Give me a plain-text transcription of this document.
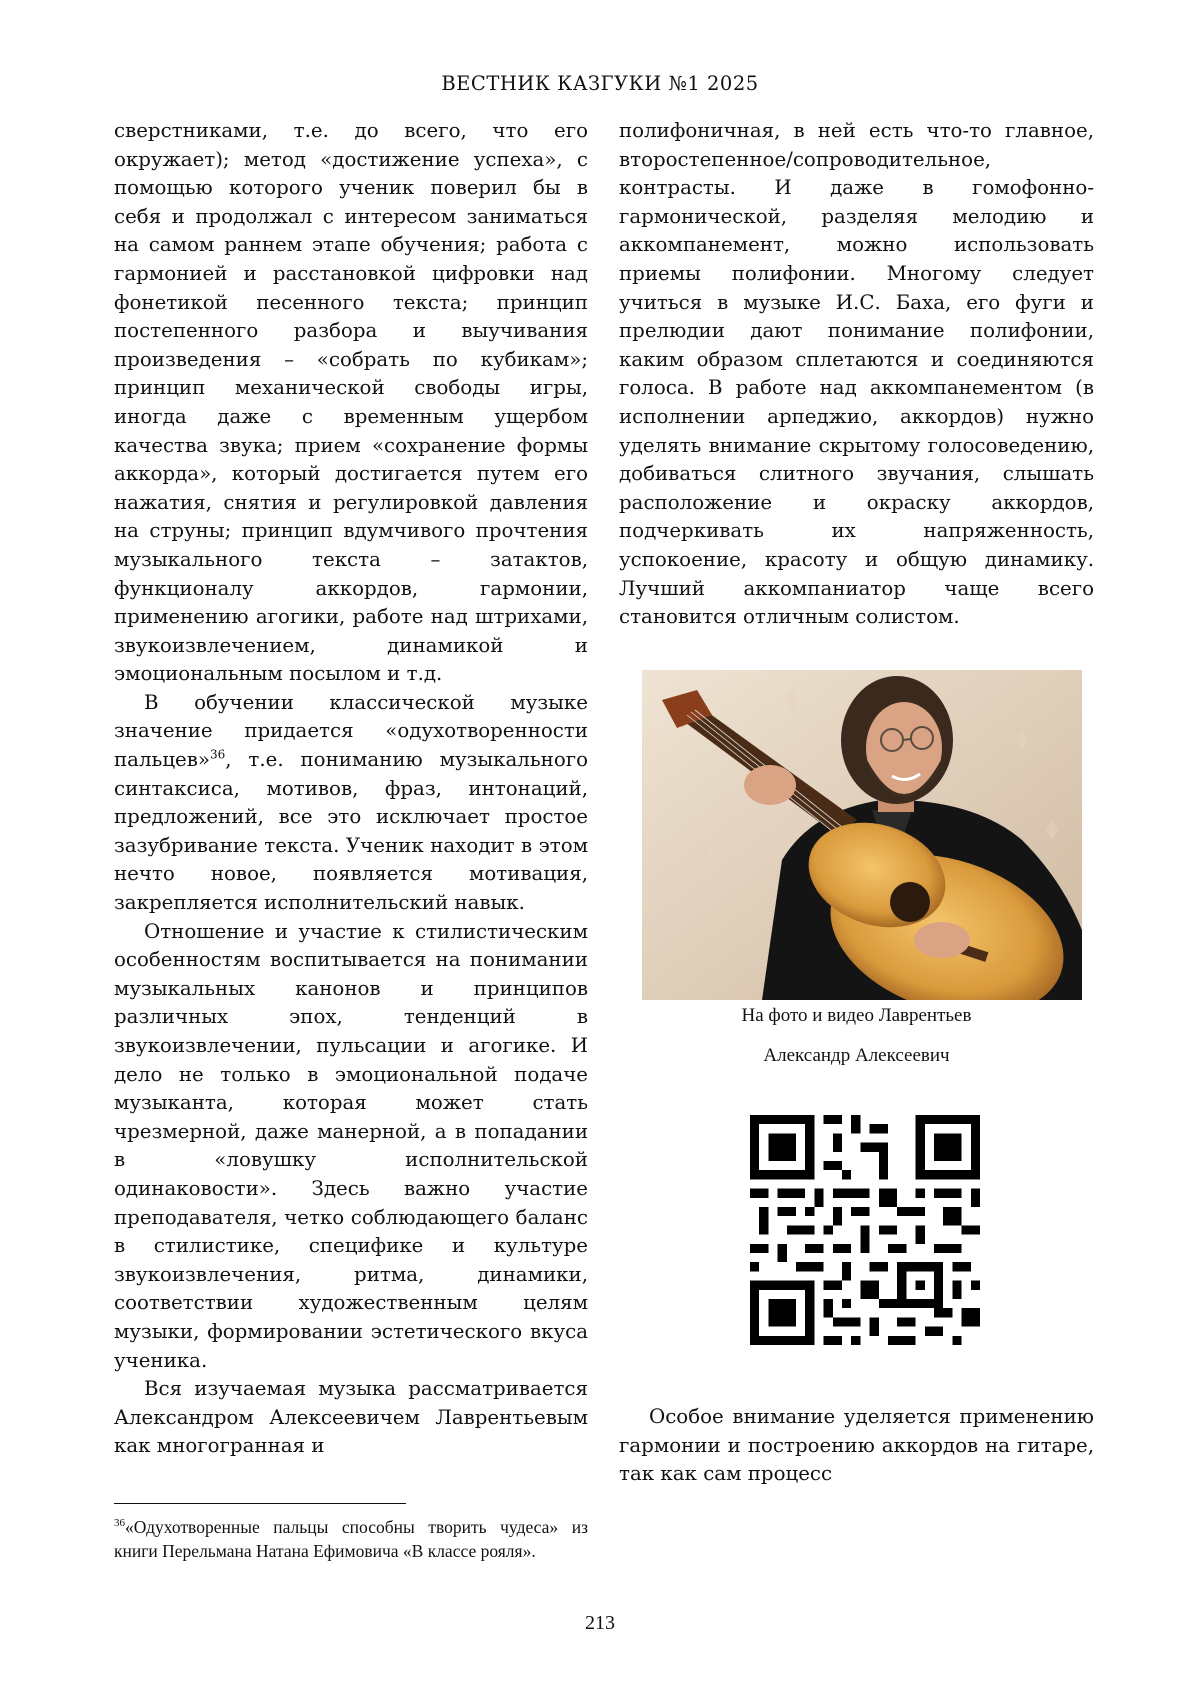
ВЕСТНИК КАЗГУКИ №1 2025

сверстниками, т.е. до всего, что его окружает); метод «достижение успеха», с помощью которого ученик поверил бы в себя и продолжал с интересом заниматься на самом раннем этапе обучения; работа с гармонией и расстановкой цифровки над фонетикой песенного текста; принцип постепенного разбора и выучивания произведения – «собрать по кубикам»; принцип механической свободы игры, иногда даже с временным ущербом качества звука; прием «сохранение формы аккорда», который достигается путем его нажатия, снятия и регулировкой давления на струны; принцип вдумчивого прочтения музыкального текста – затактов, функционалу аккордов, гармонии, применению агогики, работе над штрихами, звукоизвлечением, динамикой и эмоциональным посылом и т.д.

В обучении классической музыке значение придается «одухотворенности пальцев»$^{36}$, т.е. пониманию музыкального синтаксиса, мотивов, фраз, интонаций, предложений, все это исключает простое зазубривание текста. Ученик находит в этом нечто новое, появляется мотивация, закрепляется исполнительский навык.

Отношение и участие к стилистическим особенностям воспитывается на понимании музыкальных канонов и принципов различных эпох, тенденций в звукоизвлечении, пульсации и агогике. И дело не только в эмоциональной подаче музыканта, которая может стать чрезмерной, даже манерной, а в попадании в «ловушку исполнительской одинаковости». Здесь важно участие преподавателя, четко соблюдающего баланс в стилистике, специфике и культуре звукоизвлечения, ритма, динамики, соответствии художественным целям музыки, формировании эстетического вкуса ученика.

Вся изучаемая музыка рассматривается Александром Алексеевичем Лаврентьевым как многогранная и

полифоничная, в ней есть что-то главное, второстепенное/сопроводительное, контрасты. И даже в гомофонно-гармонической, разделяя мелодию и аккомпанемент, можно использовать приемы полифонии. Многому следует учиться в музыке И.С. Баха, его фуги и прелюдии дают понимание полифонии, каким образом сплетаются и соединяются голоса. В работе над аккомпанементом (в исполнении арпеджио, аккордов) нужно уделять внимание скрытому голосоведению, добиваться слитного звучания, слышать расположение и окраску аккордов, подчеркивать их напряженность, успокоение, красоту и общую динамику. Лучший аккомпаниатор чаще всего становится отличным солистом.

На фото и видео Лаврентьев
Александр Алексеевич

Особое внимание уделяется применению гармонии и построению аккордов на гитаре, так как сам процесс

$^{36}$«Одухотворенные пальцы способны творить чудеса» из книги Перельмана Натана Ефимовича «В классе рояля».
213
